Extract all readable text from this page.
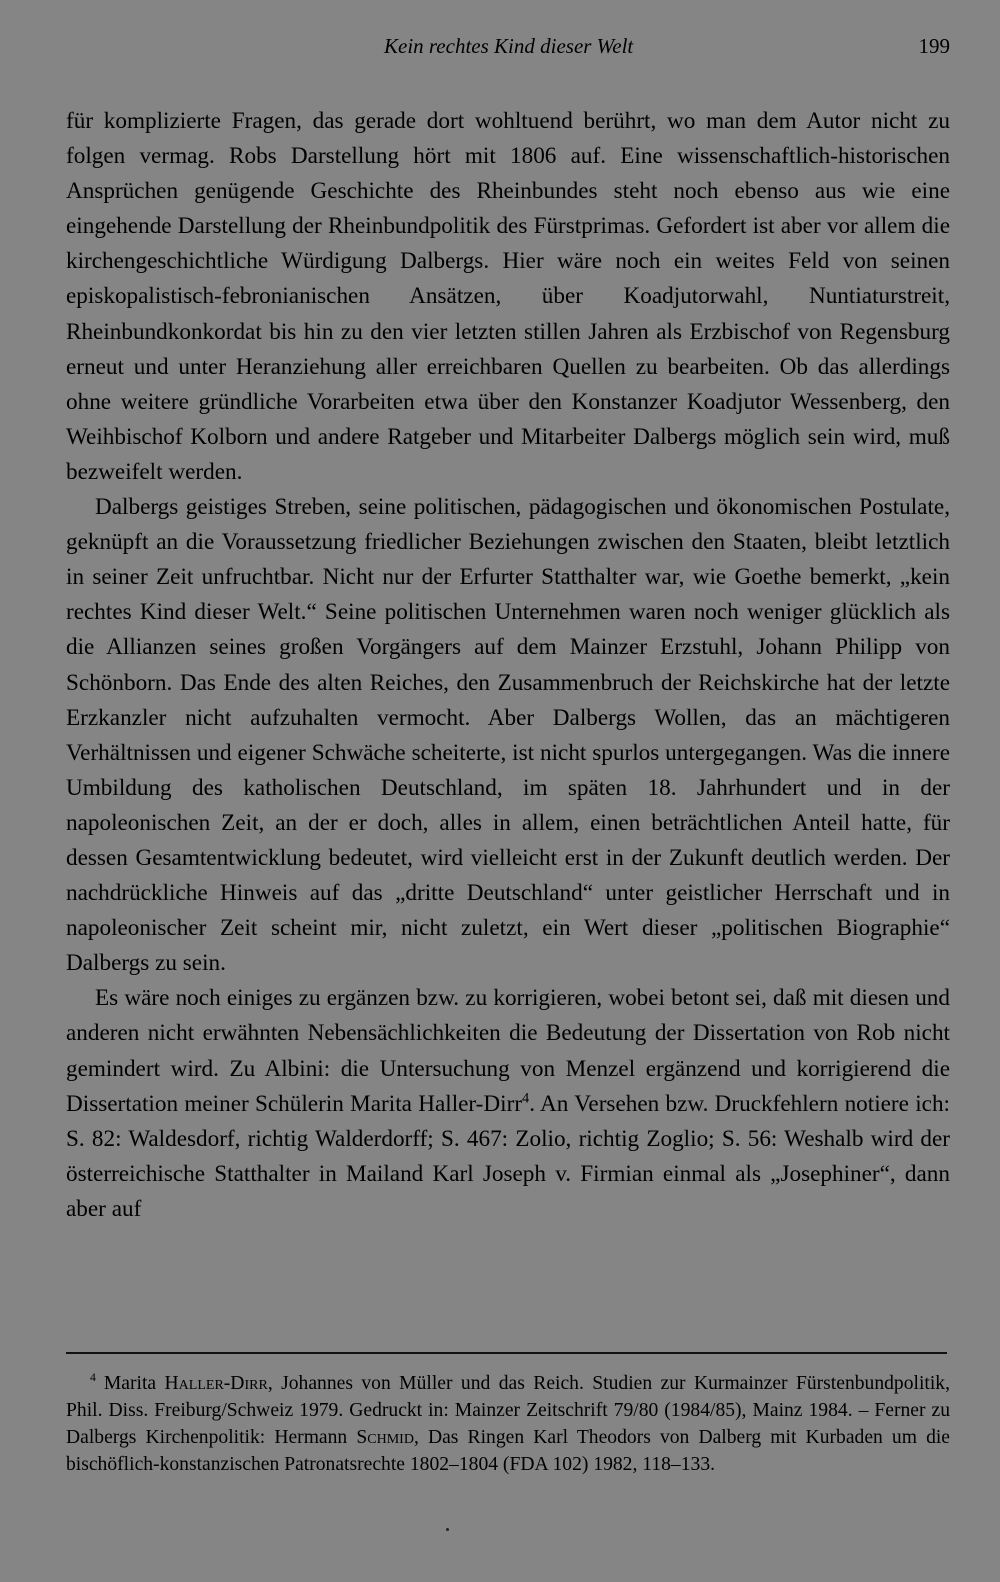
Kein rechtes Kind dieser Welt	199

für komplizierte Fragen, das gerade dort wohltuend berührt, wo man dem Autor nicht zu folgen vermag. Robs Darstellung hört mit 1806 auf. Eine wissenschaftlich-historischen Ansprüchen genügende Geschichte des Rheinbundes steht noch ebenso aus wie eine eingehende Darstellung der Rheinbundpolitik des Fürstprimas. Gefordert ist aber vor allem die kirchengeschichtliche Würdigung Dalbergs. Hier wäre noch ein weites Feld von seinen episkopalistisch-febronianischen Ansätzen, über Koadjutorwahl, Nuntiaturstreit, Rheinbundkonkordat bis hin zu den vier letzten stillen Jahren als Erzbischof von Regensburg erneut und unter Heranziehung aller erreichbaren Quellen zu bearbeiten. Ob das allerdings ohne weitere gründliche Vorarbeiten etwa über den Konstanzer Koadjutor Wessenberg, den Weihbischof Kolborn und andere Ratgeber und Mitarbeiter Dalbergs möglich sein wird, muß bezweifelt werden.

Dalbergs geistiges Streben, seine politischen, pädagogischen und ökonomischen Postulate, geknüpft an die Voraussetzung friedlicher Beziehungen zwischen den Staaten, bleibt letztlich in seiner Zeit unfruchtbar. Nicht nur der Erfurter Statthalter war, wie Goethe bemerkt, „kein rechtes Kind dieser Welt.“ Seine politischen Unternehmen waren noch weniger glücklich als die Allianzen seines großen Vorgängers auf dem Mainzer Erzstuhl, Johann Philipp von Schönborn. Das Ende des alten Reiches, den Zusammenbruch der Reichskirche hat der letzte Erzkanzler nicht aufzuhalten vermocht. Aber Dalbergs Wollen, das an mächtigeren Verhältnissen und eigener Schwäche scheiterte, ist nicht spurlos untergegangen. Was die innere Umbildung des katholischen Deutschland, im späten 18. Jahrhundert und in der napoleonischen Zeit, an der er doch, alles in allem, einen beträchtlichen Anteil hatte, für dessen Gesamtentwicklung bedeutet, wird vielleicht erst in der Zukunft deutlich werden. Der nachdrückliche Hinweis auf das „dritte Deutschland“ unter geistlicher Herrschaft und in napoleonischer Zeit scheint mir, nicht zuletzt, ein Wert dieser „politischen Biographie“ Dalbergs zu sein.

Es wäre noch einiges zu ergänzen bzw. zu korrigieren, wobei betont sei, daß mit diesen und anderen nicht erwähnten Nebensächlichkeiten die Bedeutung der Dissertation von Rob nicht gemindert wird. Zu Albini: die Untersuchung von Menzel ergänzend und korrigierend die Dissertation meiner Schülerin Marita Haller-Dirr$^4$. An Versehen bzw. Druckfehlern notiere ich: S. 82: Waldesdorf, richtig Walderdorff; S. 467: Zolio, richtig Zoglio; S. 56: Weshalb wird der österreichische Statthalter in Mailand Karl Joseph v. Firmian einmal als „Josephiner“, dann aber auf

$^4$ Marita Haller-Dirr, Johannes von Müller und das Reich. Studien zur Kurmainzer Fürstenbundpolitik, Phil. Diss. Freiburg/Schweiz 1979. Gedruckt in: Mainzer Zeitschrift 79/80 (1984/85), Mainz 1984. – Ferner zu Dalbergs Kirchenpolitik: Hermann Schmid, Das Ringen Karl Theodors von Dalberg mit Kurbaden um die bischöflich-konstanzischen Patronatsrechte 1802–1804 (FDA 102) 1982, 118–133.
